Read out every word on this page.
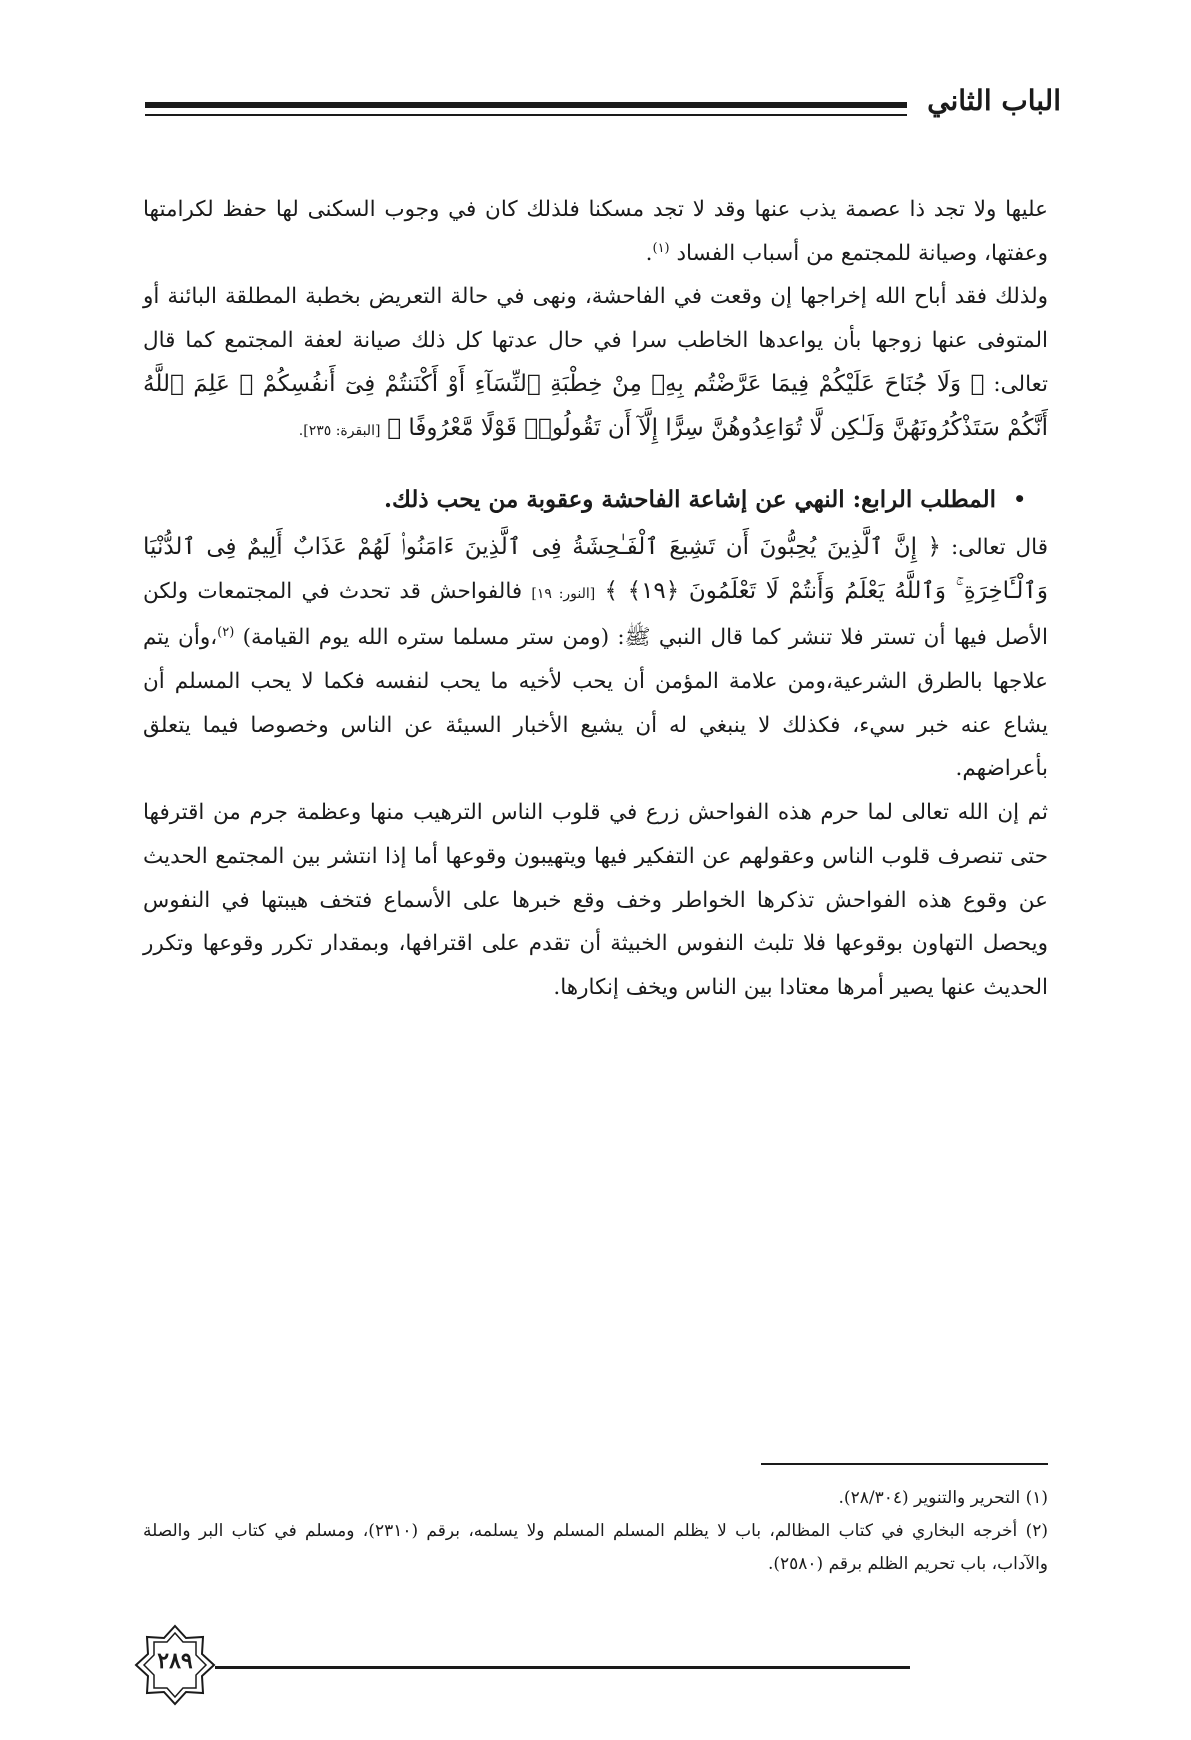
الباب الثاني

عليها ولا تجد ذا عصمة يذب عنها وقد لا تجد مسكنا فلذلك كان في وجوب السكنى لها حفظ لكرامتها وعفتها، وصيانة للمجتمع من أسباب الفساد $^{(١)}$.

ولذلك فقد أباح الله إخراجها إن وقعت في الفاحشة، ونهى في حالة التعريض بخطبة المطلقة البائنة أو المتوفى عنها زوجها بأن يواعدها الخاطب سرا في حال عدتها كل ذلك صيانة لعفة المجتمع كما قال تعالى: ﴿ وَلَا جُنَاحَ عَلَيْكُمْ فِيمَا عَرَّضْتُم بِهِۦ مِنْ خِطْبَةِ ٱلنِّسَآءِ أَوْ أَكْنَنتُمْ فِىٓ أَنفُسِكُمْ ۚ عَلِمَ ٱللَّهُ أَنَّكُمْ سَتَذْكُرُونَهُنَّ وَلَـٰكِن لَّا تُوَاعِدُوهُنَّ سِرًّا إِلَّآ أَن تَقُولُوا۟ قَوْلًا مَّعْرُوفًا ﴾ [البقرة: ٢٣٥].

•
المطلب الرابع: النهي عن إشاعة الفاحشة وعقوبة من يحب ذلك.

قال تعالى: ﴿ إِنَّ ٱلَّذِينَ يُحِبُّونَ أَن تَشِيعَ ٱلْفَـٰحِشَةُ فِى ٱلَّذِينَ ءَامَنُوا۟ لَهُمْ عَذَابٌ أَلِيمٌ فِى ٱلدُّنْيَا وَٱلْـَٔاخِرَةِ ۚ وَٱللَّهُ يَعْلَمُ وَأَنتُمْ لَا تَعْلَمُونَ ﴿١٩﴾ ﴾ [النور: ١٩] فالفواحش قد تحدث في المجتمعات ولكن الأصل فيها أن تستر فلا تنشر كما قال النبي ﷺ: (ومن ستر مسلما ستره الله يوم القيامة) $^{(٢)}$،وأن يتم علاجها بالطرق الشرعية،ومن علامة المؤمن أن يحب لأخيه ما يحب لنفسه فكما لا يحب المسلم أن يشاع عنه خبر سيء، فكذلك لا ينبغي له أن يشيع الأخبار السيئة عن الناس وخصوصا فيما يتعلق بأعراضهم.

ثم إن الله تعالى لما حرم هذه الفواحش زرع في قلوب الناس الترهيب منها وعظمة جرم من اقترفها حتى تنصرف قلوب الناس وعقولهم عن التفكير فيها ويتهيبون وقوعها أما إذا انتشر بين المجتمع الحديث عن وقوع هذه الفواحش تذكرها الخواطر وخف وقع خبرها على الأسماع فتخف هيبتها في النفوس ويحصل التهاون بوقوعها فلا تلبث النفوس الخبيثة أن تقدم على اقترافها، وبمقدار تكرر وقوعها وتكرر الحديث عنها يصير أمرها معتادا بين الناس ويخف إنكارها.

(١) التحرير والتنوير (٢٨/٣٠٤).

(٢) أخرجه البخاري في كتاب المظالم، باب لا يظلم المسلم المسلم ولا يسلمه، برقم (٢٣١٠)، ومسلم في كتاب البر والصلة والآداب، باب تحريم الظلم برقم (٢٥٨٠).

٢٨٩
